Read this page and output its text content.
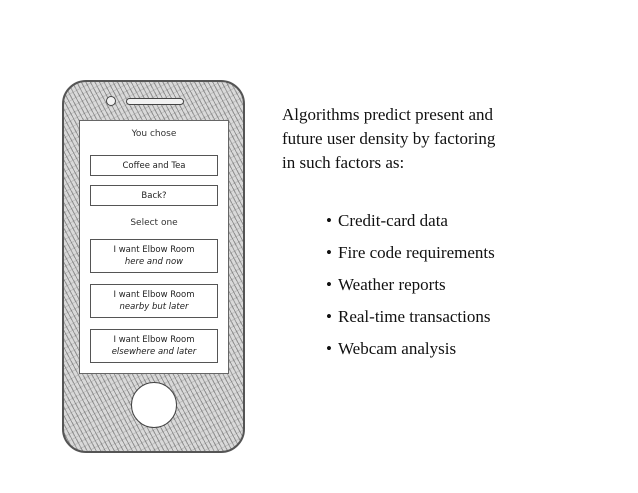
You chose
Coffee and Tea
Back?
Select one
I want Elbow Room
here and now
I want Elbow Room
nearby but later
I want Elbow Room
elsewhere and later
Algorithms predict present and
future user density by factoring
in such factors as:
• Credit-card data
• Fire code requirements
• Weather reports
• Real-time transactions
• Webcam analysis
